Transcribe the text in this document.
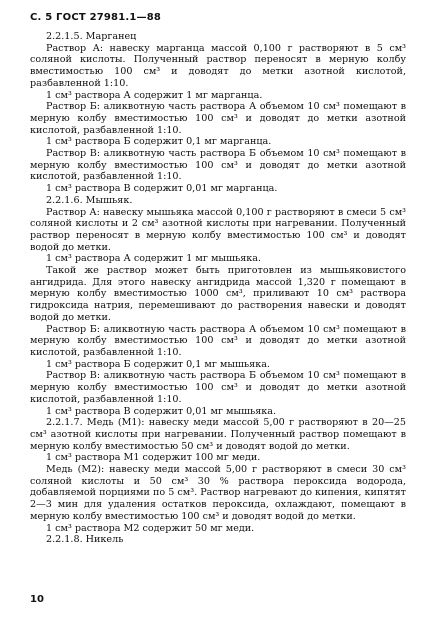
С. 5 ГОСТ 27981.1—88

2.2.1.5. Марганец

Раствор А: навеску марганца массой 0,100 г растворяют в 5 см³ соляной кислоты. Полученный раствор переносят в мерную колбу вместимостью 100 см³ и доводят до метки азотной кислотой, разбавленной 1:10.

1 см³ раствора А содержит 1 мг марганца.

Раствор Б: аликвотную часть раствора А объемом 10 см³ помещают в мерную колбу вместимостью 100 см³ и доводят до метки азотной кислотой, разбавленной 1:10.

1 см³ раствора Б содержит 0,1 мг марганца.

Раствор В: аликвотную часть раствора Б объемом 10 см³ помещают в мерную колбу вместимостью 100 см³ и доводят до метки азотной кислотой, разбавленной 1:10.

1 см³ раствора В содержит 0,01 мг марганца.

2.2.1.6. Мышьяк.

Раствор А: навеску мышьяка массой 0,100 г растворяют в смеси 5 см³ соляной кислоты и 2 см³ азотной кислоты при нагревании. Полученный раствор переносят в мерную колбу вместимостью 100 см³ и доводят водой до метки.

1 см³ раствора А содержит 1 мг мышьяка.

Такой же раствор может быть приготовлен из мышьяковистого ангидрида. Для этого навеску ангидрида массой 1,320 г помещают в мерную колбу вместимостью 1000 см³, приливают 10 см³ раствора гидроксида натрия, перемешивают до растворения навески и доводят водой до метки.

Раствор Б: аликвотную часть раствора А объемом 10 см³ помещают в мерную колбу вместимостью 100 см³ и доводят до метки азотной кислотой, разбавленной 1:10.

1 см³ раствора Б содержит 0,1 мг мышьяка.

Раствор В: аликвотную часть раствора Б объемом 10 см³ помещают в мерную колбу вместимостью 100 см³ и доводят до метки азотной кислотой, разбавленной 1:10.

1 см³ раствора В содержит 0,01 мг мышьяка.

2.2.1.7. Медь (М1): навеску меди массой 5,00 г растворяют в 20—25 см³ азотной кислоты при нагревании. Полученный раствор помещают в мерную колбу вместимостью 50 см³ и доводят водой до метки.

1 см³ раствора М1 содержит 100 мг меди.

Медь (М2): навеску меди массой 5,00 г растворяют в смеси 30 см³ соляной кислоты и 50 см³ 30 % раствора пероксида водорода, добавляемой порциями по 5 см³. Раствор нагревают до кипения, кипятят 2—3 мин для удаления остатков пероксида, охлаждают, помещают в мерную колбу вместимостью 100 см³ и доводят водой до метки.

1 см³ раствора М2 содержит 50 мг меди.

2.2.1.8. Никель

10
